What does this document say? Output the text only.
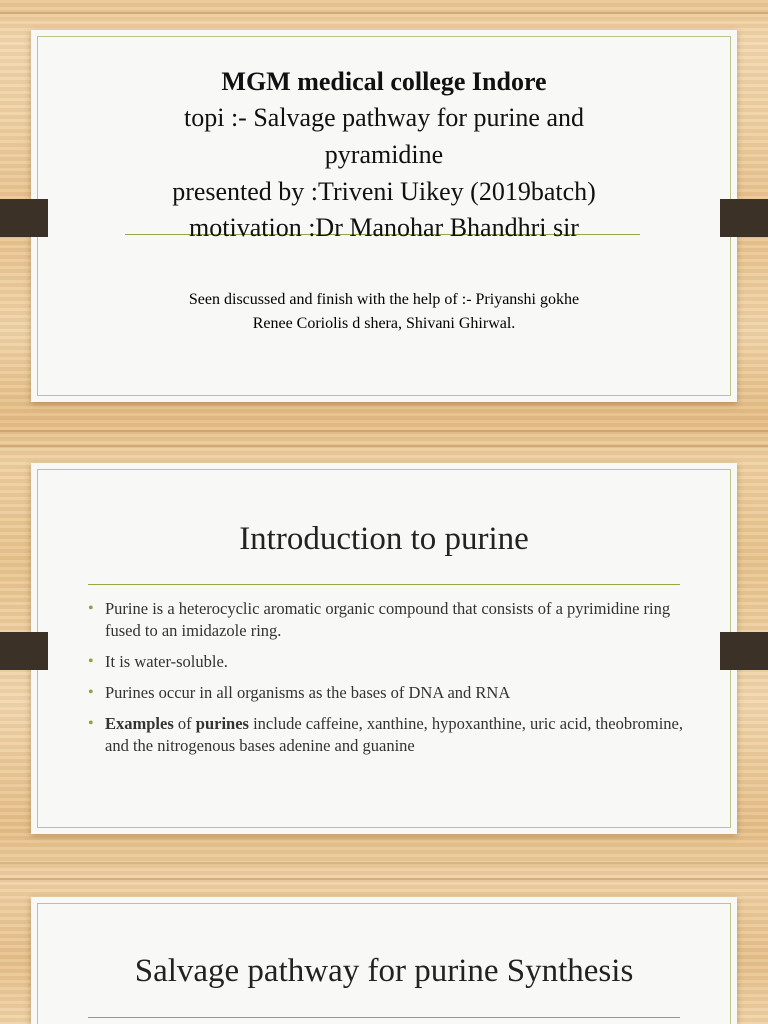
MGM medical college Indore
topi :- Salvage pathway for purine and
pyramidine
presented by :Triveni Uikey (2019batch)
motivation :Dr Manohar Bhandhri sir
Seen discussed and finish with the help of :- Priyanshi gokhe
Renee Coriolis d shera, Shivani Ghirwal.
Introduction to purine
• Purine is a heterocyclic aromatic organic compound that consists of a pyrimidine ring fused to an imidazole ring.
• It is water-soluble.
• Purines occur in all organisms as the bases of DNA and RNA
• Examples of purines include caffeine, xanthine, hypoxanthine, uric acid, theobromine, and the nitrogenous bases adenine and guanine
Salvage pathway for purine Synthesis
